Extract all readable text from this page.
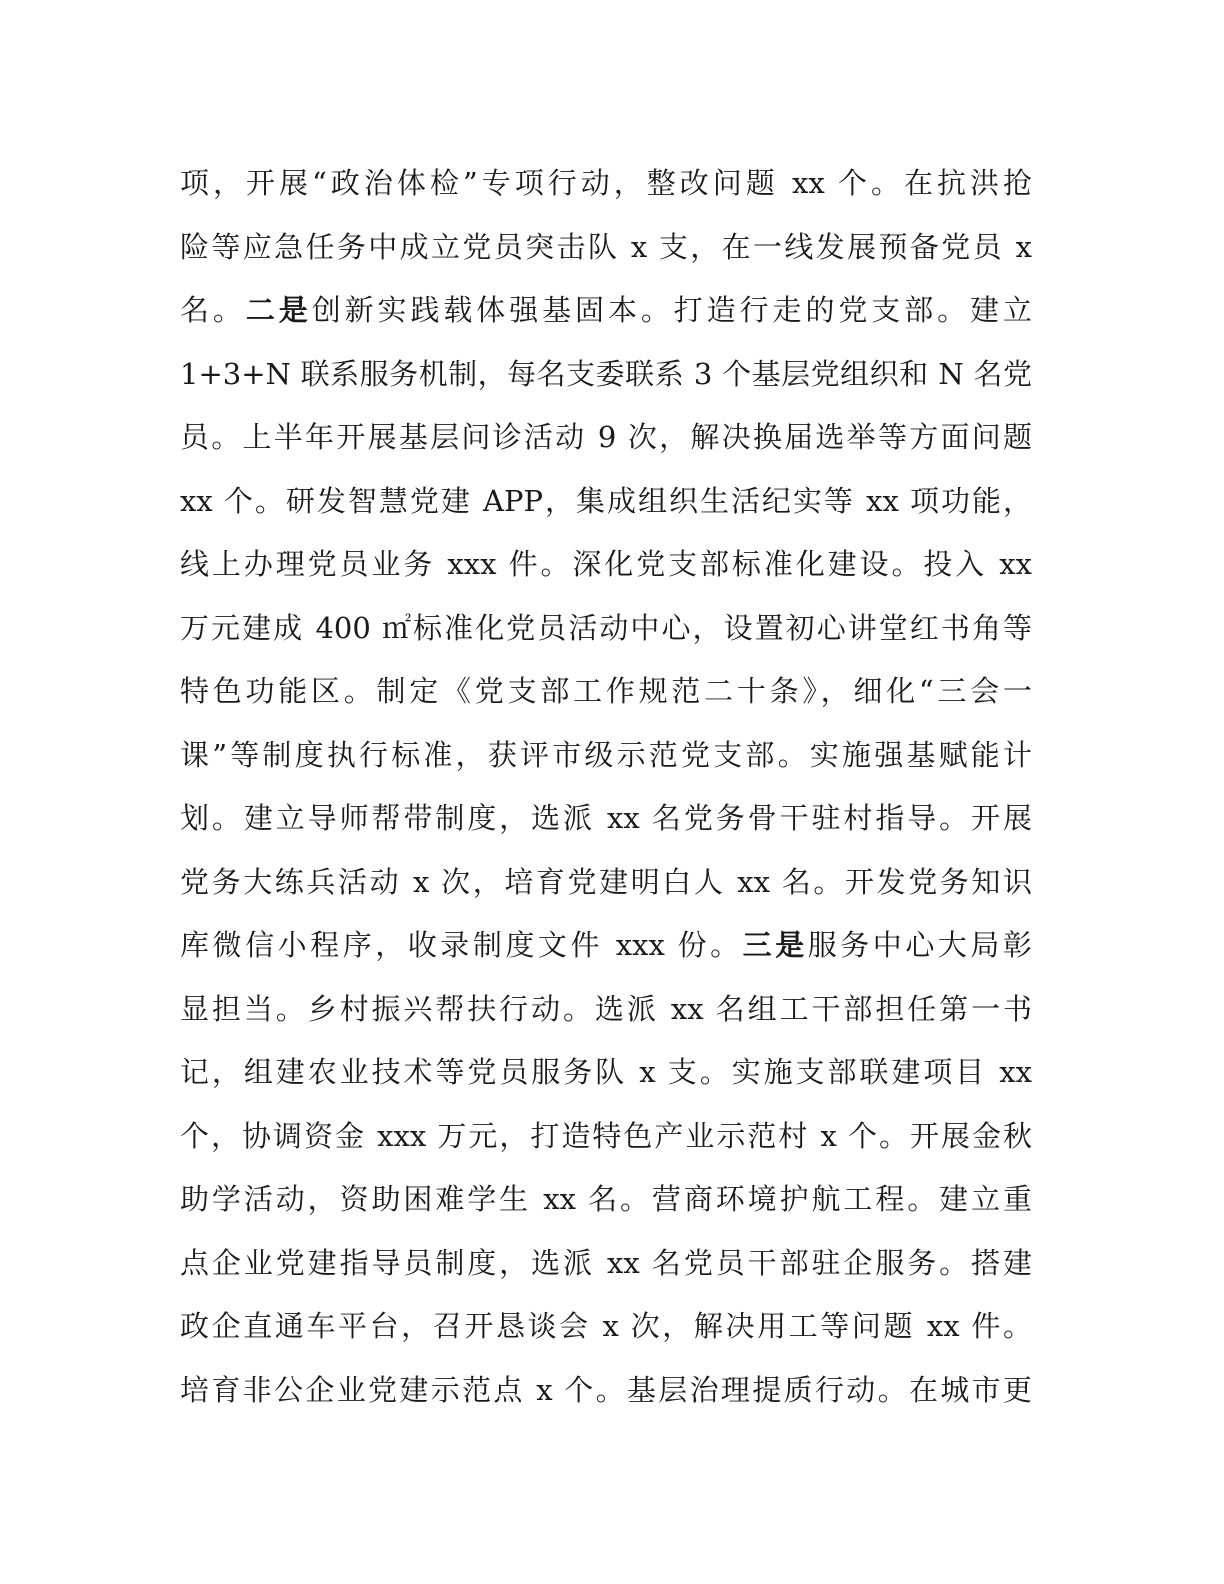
项，开展“政治体检”专项行动，整改问题 xx 个。在抗洪抢
险等应急任务中成立党员突击队 x 支，在一线发展预备党员 x
名。二是创新实践载体强基固本。打造行走的党支部。建立
1+3+N 联系服务机制，每名支委联系 3 个基层党组织和 N 名党
员。上半年开展基层问诊活动 9 次，解决换届选举等方面问题
xx 个。研发智慧党建 APP，集成组织生活纪实等 xx 项功能，
线上办理党员业务 xxx 件。深化党支部标准化建设。投入 xx
万元建成 400 ㎡标准化党员活动中心，设置初心讲堂红书角等
特色功能区。制定《党支部工作规范二十条》，细化“三会一
课”等制度执行标准，获评市级示范党支部。实施强基赋能计
划。建立导师帮带制度，选派 xx 名党务骨干驻村指导。开展
党务大练兵活动 x 次，培育党建明白人 xx 名。开发党务知识
库微信小程序，收录制度文件 xxx 份。三是服务中心大局彰
显担当。乡村振兴帮扶行动。选派 xx 名组工干部担任第一书
记，组建农业技术等党员服务队 x 支。实施支部联建项目 xx
个，协调资金 xxx 万元，打造特色产业示范村 x 个。开展金秋
助学活动，资助困难学生 xx 名。营商环境护航工程。建立重
点企业党建指导员制度，选派 xx 名党员干部驻企服务。搭建
政企直通车平台，召开恳谈会 x 次，解决用工等问题 xx 件。
培育非公企业党建示范点 x 个。基层治理提质行动。在城市更
